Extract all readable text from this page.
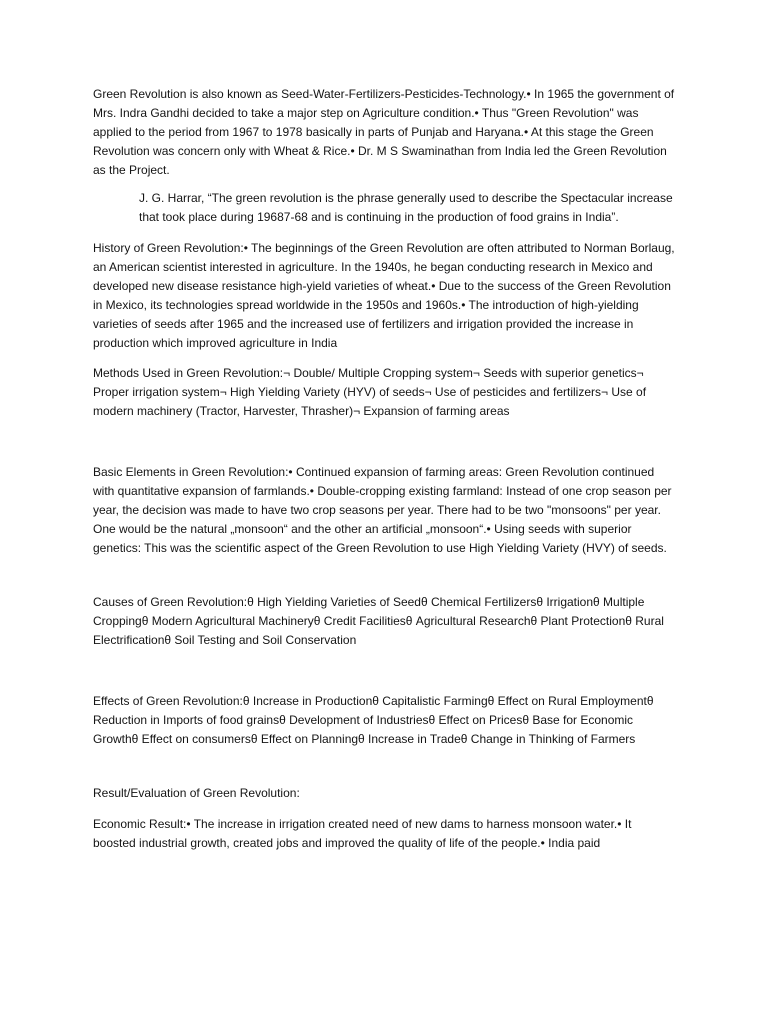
Green Revolution is also known as Seed-Water-Fertilizers-Pesticides-Technology.• In 1965 the government of Mrs. Indra Gandhi decided to take a major step on Agriculture condition.• Thus "Green Revolution" was applied to the period from 1967 to 1978 basically in parts of Punjab and Haryana.• At this stage the Green Revolution was concern only with Wheat & Rice.• Dr. M S Swaminathan from India led the Green Revolution as the Project.

J. G. Harrar, “The green revolution is the phrase generally used to describe the Spectacular increase that took place during 19687-68 and is continuing in the production of food grains in India”.

History of Green Revolution:• The beginnings of the Green Revolution are often attributed to Norman Borlaug, an American scientist interested in agriculture. In the 1940s, he began conducting research in Mexico and developed new disease resistance high-yield varieties of wheat.• Due to the success of the Green Revolution in Mexico, its technologies spread worldwide in the 1950s and 1960s.• The introduction of high-yielding varieties of seeds after 1965 and the increased use of fertilizers and irrigation provided the increase in production which improved agriculture in India

Methods Used in Green Revolution:¬ Double/ Multiple Cropping system¬ Seeds with superior genetics¬ Proper irrigation system¬ High Yielding Variety (HYV) of seeds¬ Use of pesticides and fertilizers¬ Use of modern machinery (Tractor, Harvester, Thrasher)¬ Expansion of farming areas

Basic Elements in Green Revolution:• Continued expansion of farming areas: Green Revolution continued with quantitative expansion of farmlands.• Double-cropping existing farmland: Instead of one crop season per year, the decision was made to have two crop seasons per year. There had to be two "monsoons" per year. One would be the natural „monsoon“ and the other an artificial „monsoon“.• Using seeds with superior genetics: This was the scientific aspect of the Green Revolution to use High Yielding Variety (HVY) of seeds.

Causes of Green Revolution:θ High Yielding Varieties of Seedθ Chemical Fertilizersθ Irrigationθ Multiple Croppingθ Modern Agricultural Machineryθ Credit Facilitiesθ Agricultural Researchθ Plant Protectionθ Rural Electrificationθ Soil Testing and Soil Conservation

Effects of Green Revolution:θ Increase in Productionθ Capitalistic Farmingθ Effect on Rural Employmentθ Reduction in Imports of food grainsθ Development of Industriesθ Effect on Pricesθ Base for Economic Growthθ Effect on consumersθ Effect on Planningθ Increase in Tradeθ Change in Thinking of Farmers

Result/Evaluation of Green Revolution:

Economic Result:• The increase in irrigation created need of new dams to harness monsoon water.• It boosted industrial growth, created jobs and improved the quality of life of the people.• India paid
